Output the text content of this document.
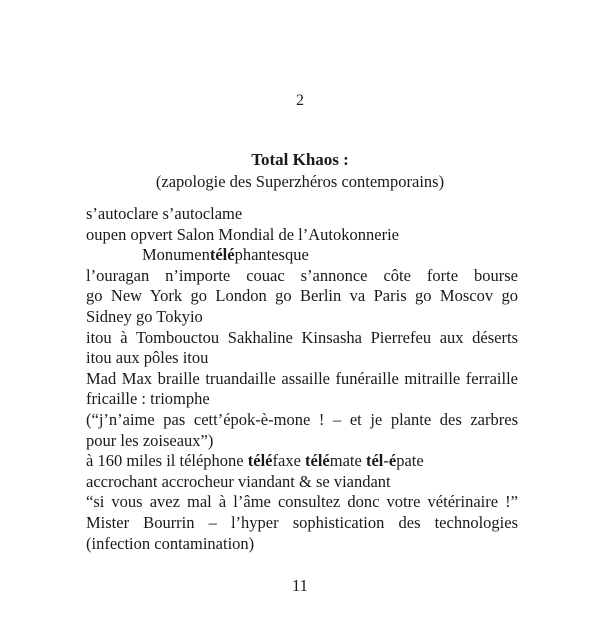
2
Total Khaos :
(zapologie des Superzhéros contemporains)
s’autoclare s’autoclame
oupen opvert Salon Mondial de l’Autokonnerie
Monumentéléphantesque
l’ouragan n’importe couac s’annonce côte forte bourse
go New York go London go Berlin va Paris go Moscov go
Sidney go Tokyio
itou à Tombouctou Sakhaline Kinsasha Pierrefeu aux déserts
itou aux pôles itou
Mad Max braille truandaille assaille funéraille mitraille ferraille
fricaille : triomphe
(“j’n’aime pas cett’épok-è-mone ! – et je plante des zarbres
pour les zoiseaux”)
à 160 miles il téléphone téléfaxe télémate tél-épate
accrochant accrocheur viandant & se viandant
“si vous avez mal à l’âme consultez donc votre vétérinaire !”
Mister Bourrin – l’hyper sophistication des technologies
(infection contamination)
11
